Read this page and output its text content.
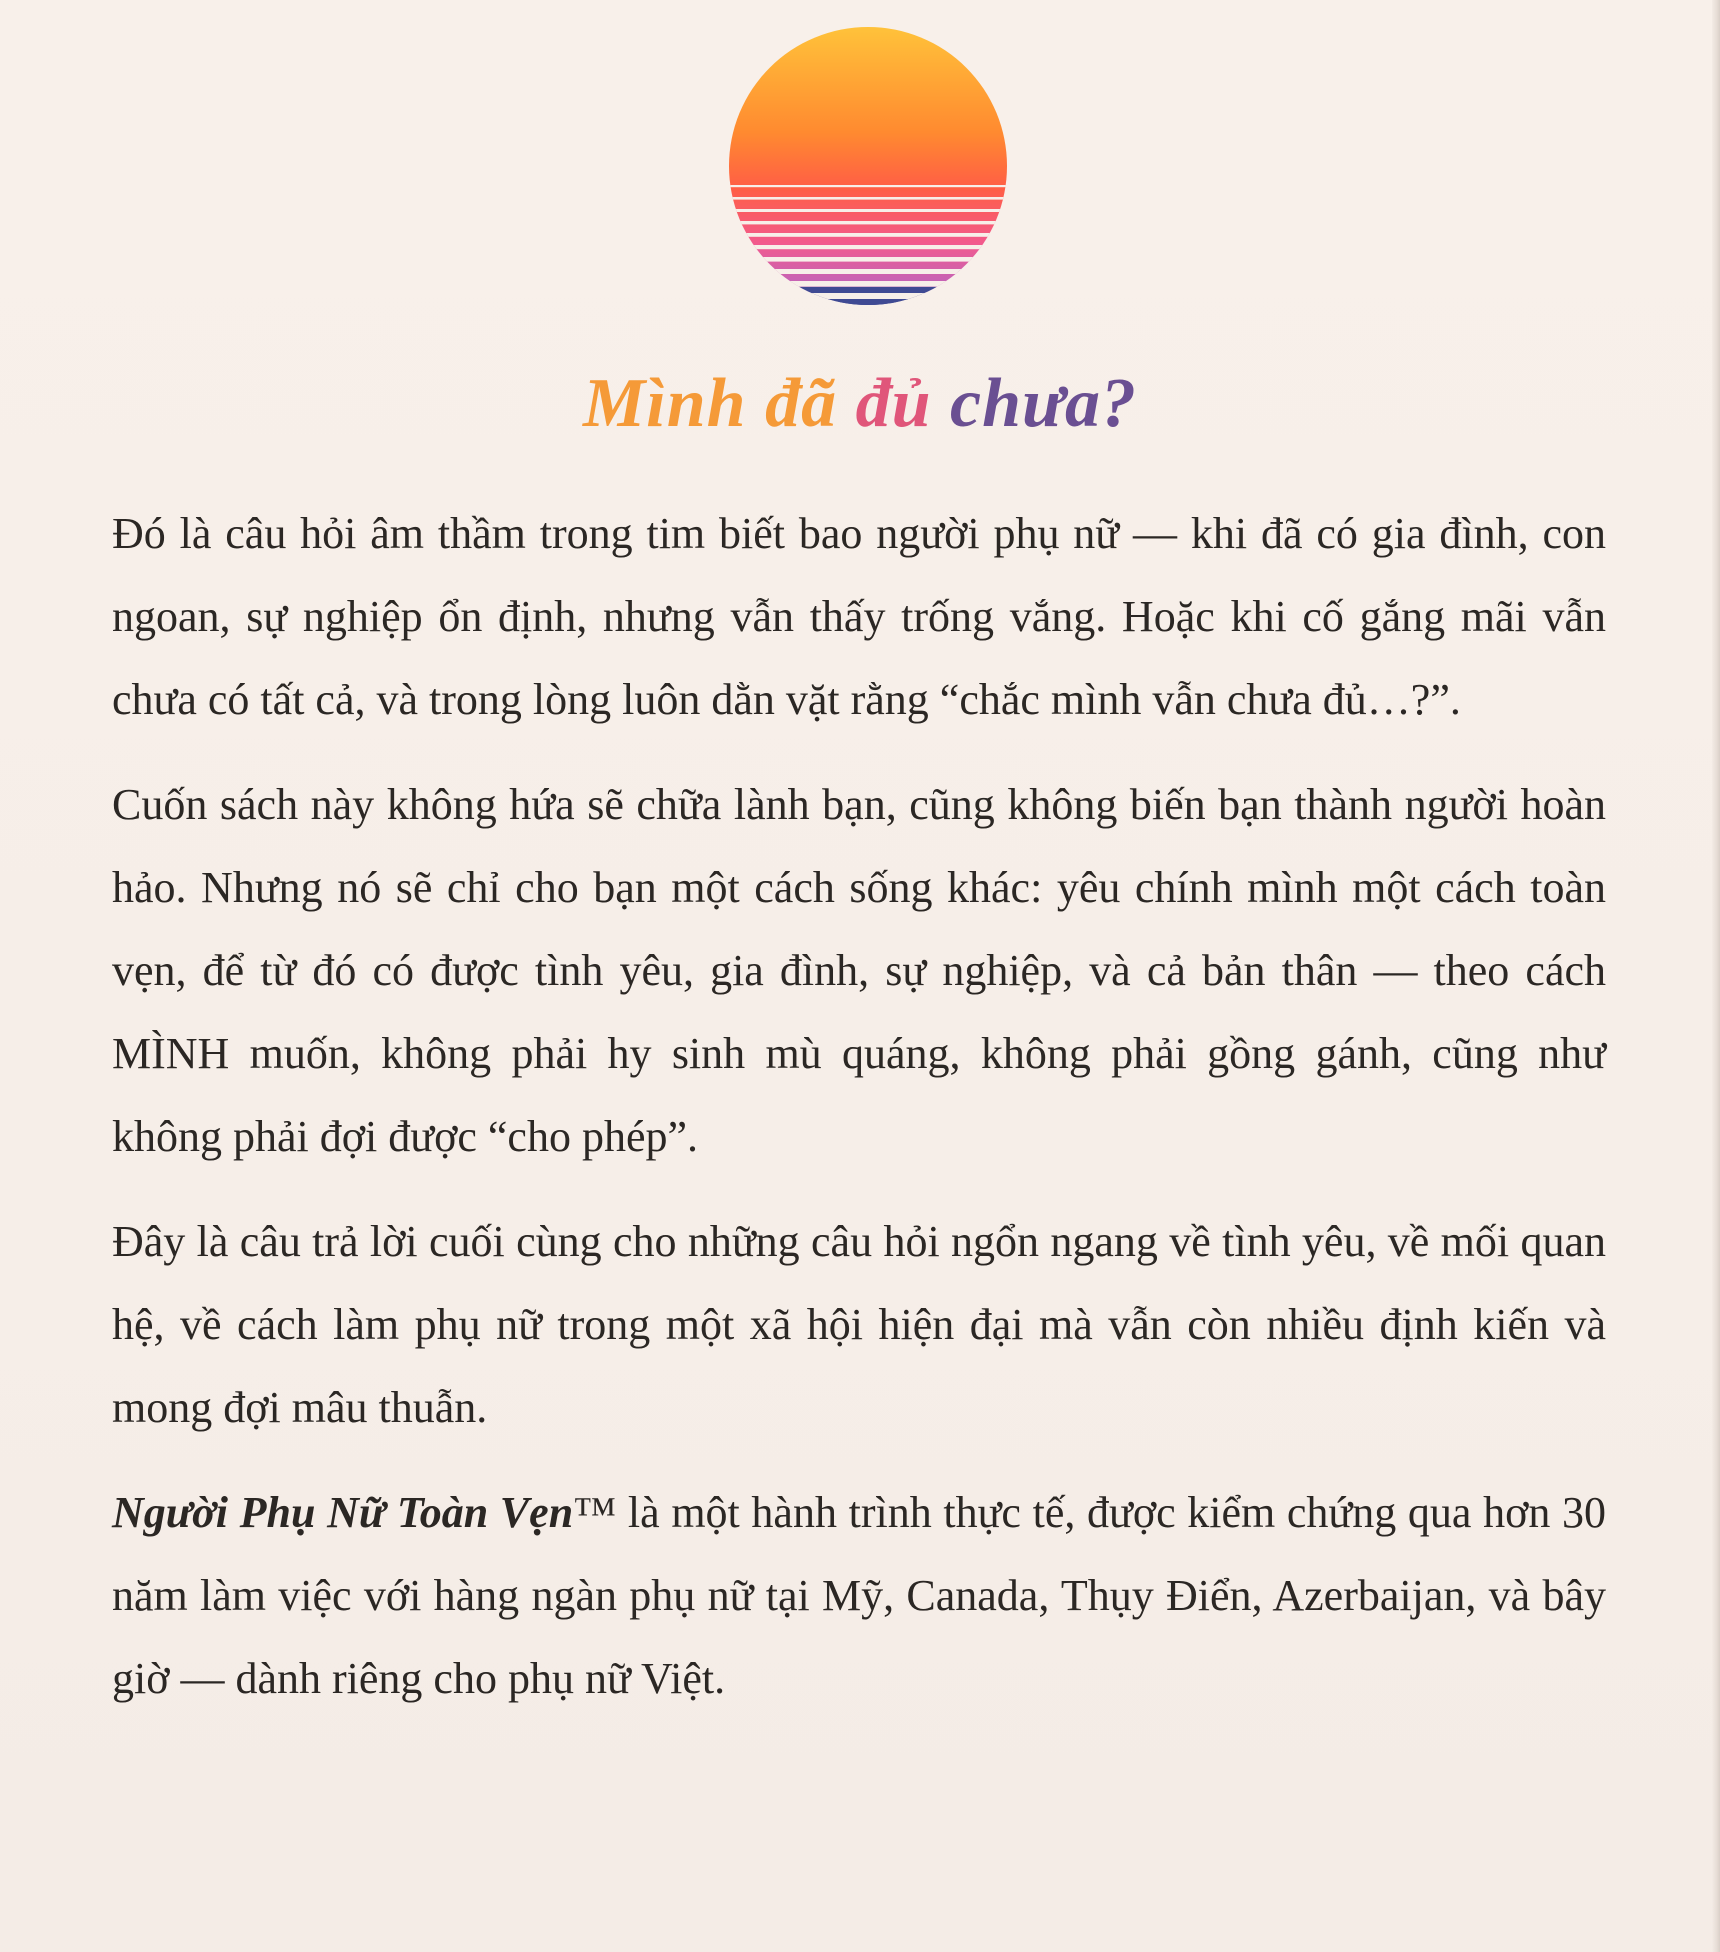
Mình đã đủ chưa?

Đó là câu hỏi âm thầm trong tim biết bao người phụ nữ — khi đã có gia đình, con ngoan, sự nghiệp ổn định, nhưng vẫn thấy trống vắng. Hoặc khi cố gắng mãi vẫn chưa có tất cả, và trong lòng luôn dằn vặt rằng “chắc mình vẫn chưa đủ…?”.

Cuốn sách này không hứa sẽ chữa lành bạn, cũng không biến bạn thành người hoàn hảo. Nhưng nó sẽ chỉ cho bạn một cách sống khác: yêu chính mình một cách toàn vẹn, để từ đó có được tình yêu, gia đình, sự nghiệp, và cả bản thân — theo cách MÌNH muốn, không phải hy sinh mù quáng, không phải gồng gánh, cũng như không phải đợi được “cho phép”.

Đây là câu trả lời cuối cùng cho những câu hỏi ngổn ngang về tình yêu, về mối quan hệ, về cách làm phụ nữ trong một xã hội hiện đại mà vẫn còn nhiều định kiến và mong đợi mâu thuẫn.

Người Phụ Nữ Toàn Vẹn™ là một hành trình thực tế, được kiểm chứng qua hơn 30 năm làm việc với hàng ngàn phụ nữ tại Mỹ, Canada, Thụy Điển, Azerbaijan, và bây giờ — dành riêng cho phụ nữ Việt.
